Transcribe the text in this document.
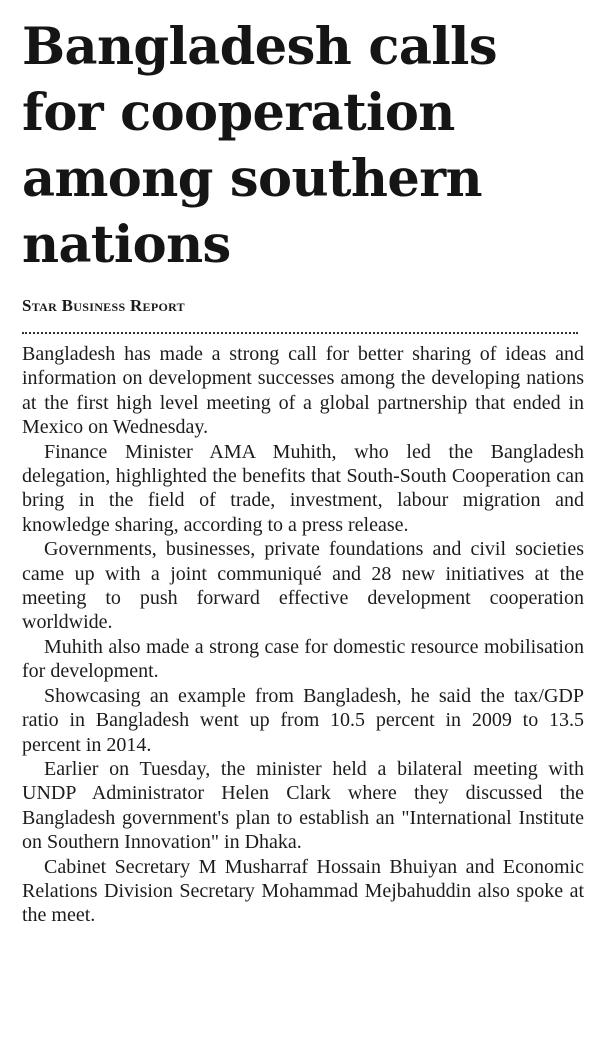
Bangladesh calls for cooperation among southern nations
Star Business Report

Bangladesh has made a strong call for better sharing of ideas and information on development successes among the developing nations at the first high level meeting of a global partnership that ended in Mexico on Wednesday.

Finance Minister AMA Muhith, who led the Bangladesh delegation, highlighted the benefits that South-South Cooperation can bring in the field of trade, investment, labour migration and knowledge sharing, according to a press release.

Governments, businesses, private foundations and civil societies came up with a joint communiqué and 28 new initiatives at the meeting to push forward effective development cooperation worldwide.

Muhith also made a strong case for domestic resource mobilisation for development.

Showcasing an example from Bangladesh, he said the tax/GDP ratio in Bangladesh went up from 10.5 percent in 2009 to 13.5 percent in 2014.

Earlier on Tuesday, the minister held a bilateral meeting with UNDP Administrator Helen Clark where they discussed the Bangladesh government's plan to establish an "International Institute on Southern Innovation" in Dhaka.

Cabinet Secretary M Musharraf Hossain Bhuiyan and Economic Relations Division Secretary Mohammad Mejbahuddin also spoke at the meet.
